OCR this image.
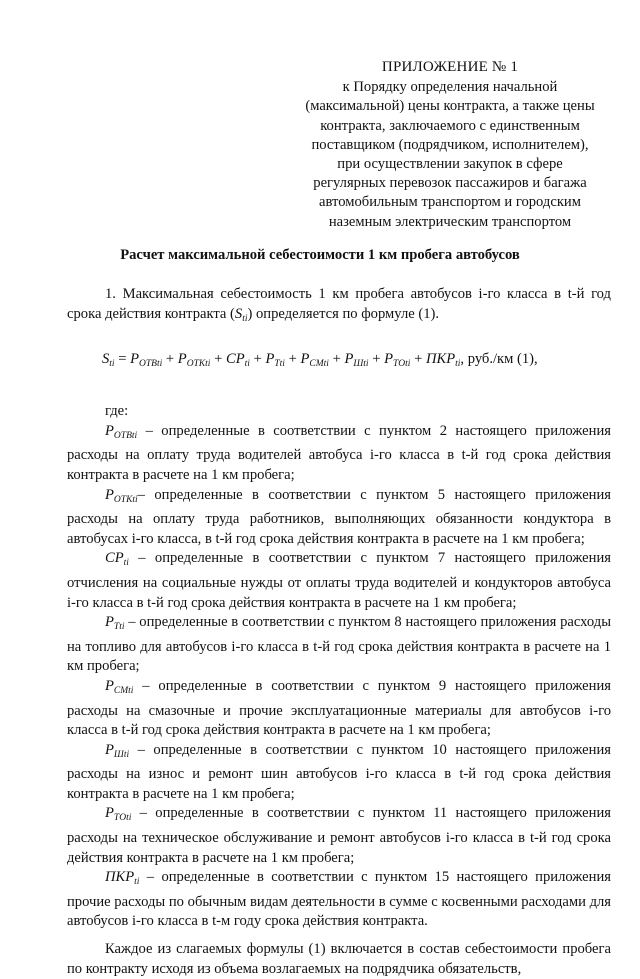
ПРИЛОЖЕНИЕ № 1
к Порядку определения начальной
(максимальной) цены контракта, а также цены
контракта, заключаемого с единственным
поставщиком (подрядчиком, исполнителем),
при осуществлении закупок в сфере
регулярных перевозок пассажиров и багажа
автомобильным транспортом и городским
наземным электрическим транспортом
Расчет максимальной себестоимости 1 км пробега автобусов

1. Максимальная себестоимость 1 км пробега автобусов i-го класса в t-й год срока действия контракта $(S_{ti})$ определяется по формуле (1).

$S_{ti} = P_{ОТВti} + P_{ОТКti} + СР_{ti} + P_{Тti} + P_{СМti} + P_{Шti} + P_{ТОti} + ПКР_{ti}$, руб./км (1),

где:

$P_{ОТВti}$ – определенные в соответствии с пунктом 2 настоящего приложения расходы на оплату труда водителей автобуса i-го класса в t-й год срока действия контракта в расчете на 1 км пробега;

$P_{ОТКti}-$ определенные в соответствии с пунктом 5 настоящего приложения расходы на оплату труда работников, выполняющих обязанности кондуктора в автобусах i-го класса, в t-й год срока действия контракта в расчете на 1 км пробега;

$СР_{ti}$ – определенные в соответствии с пунктом 7 настоящего приложения отчисления на социальные нужды от оплаты труда водителей и кондукторов автобуса i-го класса в t-й год срока действия контракта в расчете на 1 км пробега;

$P_{Тti}$ – определенные в соответствии с пунктом 8 настоящего приложения расходы на топливо для автобусов i-го класса в t-й год срока действия контракта в расчете на 1 км пробега;

$P_{СМti}$ – определенные в соответствии с пунктом 9 настоящего приложения расходы на смазочные и прочие эксплуатационные материалы для автобусов i-го класса в t-й год срока действия контракта в расчете на 1 км пробега;

$P_{Шti}$ – определенные в соответствии с пунктом 10 настоящего приложения расходы на износ и ремонт шин автобусов i-го класса в t-й год срока действия контракта в расчете на 1 км пробега;

$P_{ТОti}$ – определенные в соответствии с пунктом 11 настоящего приложения расходы на техническое обслуживание и ремонт автобусов i-го класса в t-й год срока действия контракта в расчете на 1 км пробега;

$ПКР_{ti}$ – определенные в соответствии с пунктом 15 настоящего приложения прочие расходы по обычным видам деятельности в сумме с косвенными расходами для автобусов i-го класса в t-м году срока действия контракта.

Каждое из слагаемых формулы (1) включается в состав себестоимости пробега по контракту исходя из объема возлагаемых на подрядчика обязательств,
